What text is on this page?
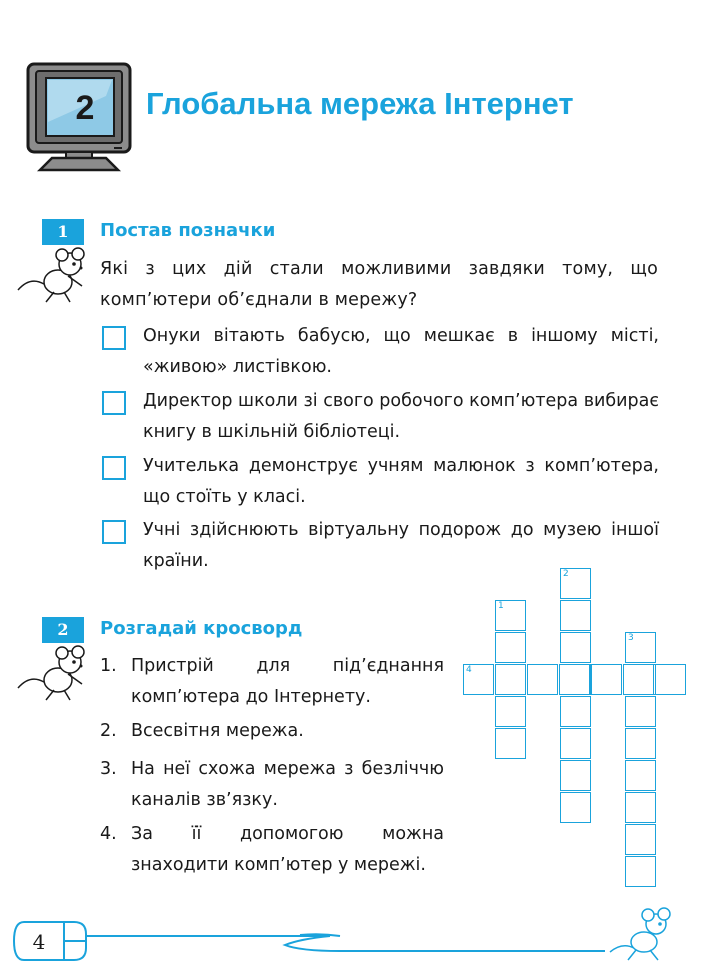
2	Глобальна мережа Інтернет
1	Постав позначки
Які з цих дій стали можливими завдяки тому, що комп’ютери об’єднали в мережу?
Онуки вітають бабусю, що мешкає в іншому місті, «живою» листівкою.
Директор школи зі свого робочого комп’ютера вибирає книгу в шкільній бібліотеці.
Учителька демонструє учням малюнок з комп’ютера, що стоїть у класі.
Учні здійснюють віртуальну подорож до музею іншої країни.
2	Розгадай кросворд
1. Пристрій для під’єднання комп’ютера до Інтернету.
2. Всесвітня мережа.
3. На неї схожа мережа з безліччю каналів зв’язку.
4. За її допомогою можна знаходити комп’ютер у мережі.
1
2
3
4
4
